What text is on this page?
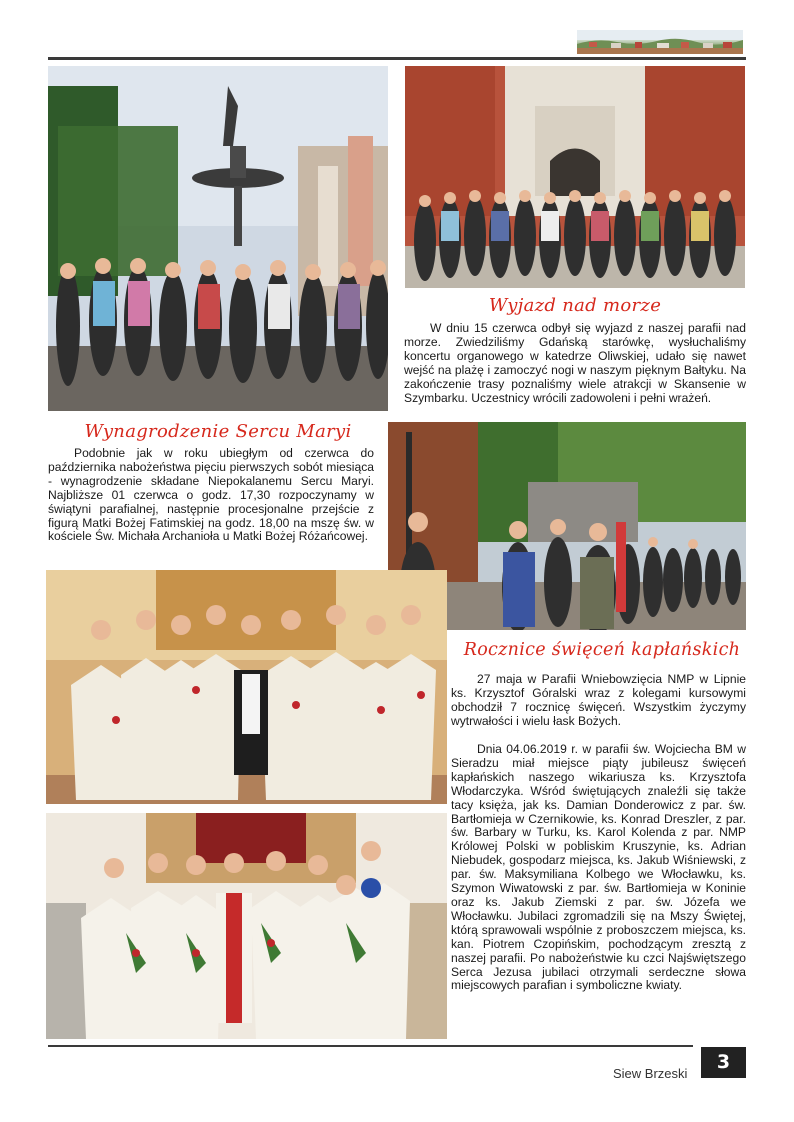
Wyjazd nad morze

W dniu 15 czerwca odbył się wyjazd z naszej parafii nad morze. Zwiedziliśmy Gdańską starówkę, wysłuchaliśmy koncertu organowego w katedrze Oliwskiej, udało się nawet wejść na plażę i zamoczyć nogi w naszym pięknym Bałtyku. Na zakończenie trasy poznaliśmy wiele atrakcji w Skansenie w Szymbarku. Uczestnicy wrócili zadowoleni i pełni wrażeń.

Wynagrodzenie Sercu Maryi

Podobnie jak w roku ubiegłym od czerwca do października nabożeństwa pięciu pierwszych sobót miesiąca - wynagrodzenie składane Niepokalanemu Sercu Maryi. Najbliższe 01 czerwca o godz. 17,30 rozpoczynamy w świątyni parafialnej, następnie procesjonalne przejście z figurą Matki Bożej Fatimskiej na godz. 18,00 na mszę św. w kościele Św. Michała Archanioła u Matki Bożej Różańcowej.

Rocznice święceń kapłańskich

27 maja w Parafii Wniebowzięcia NMP w Lipnie ks. Krzysztof Góralski wraz z kolegami kursowymi obchodził 7 rocznicę święceń. Wszystkim życzymy wytrwałości i wielu łask Bożych.

Dnia 04.06.2019 r. w parafii św. Wojciecha BM w Sieradzu miał miejsce piąty jubileusz święceń kapłańskich naszego wikariusza ks. Krzysztofa Włodarczyka. Wśród świętujących znaleźli się także tacy księża, jak ks. Damian Donderowicz z par. św. Bartłomieja w Czernikowie, ks. Konrad Dreszler, z par. św. Barbary w Turku, ks. Karol Kolenda z par. NMP Królowej Polski w pobliskim Kruszynie, ks. Adrian Niebudek, gospodarz miejsca, ks. Jakub Wiśniewski, z par. św. Maksymiliana Kolbego we Włocławku, ks. Szymon Wiwatowski z par. św. Bartłomieja w Koninie oraz ks. Jakub Ziemski z par. św. Józefa we Włocławku. Jubilaci zgromadzili się na Mszy Świętej, którą sprawowali wspólnie z proboszczem miejsca, ks. kan. Piotrem Czopińskim, pochodzącym zresztą z naszej parafii. Po nabożeństwie ku czci Najświętszego Serca Jezusa jubilaci otrzymali serdeczne słowa miejscowych parafian i symboliczne kwiaty.

Siew Brzeski
3
